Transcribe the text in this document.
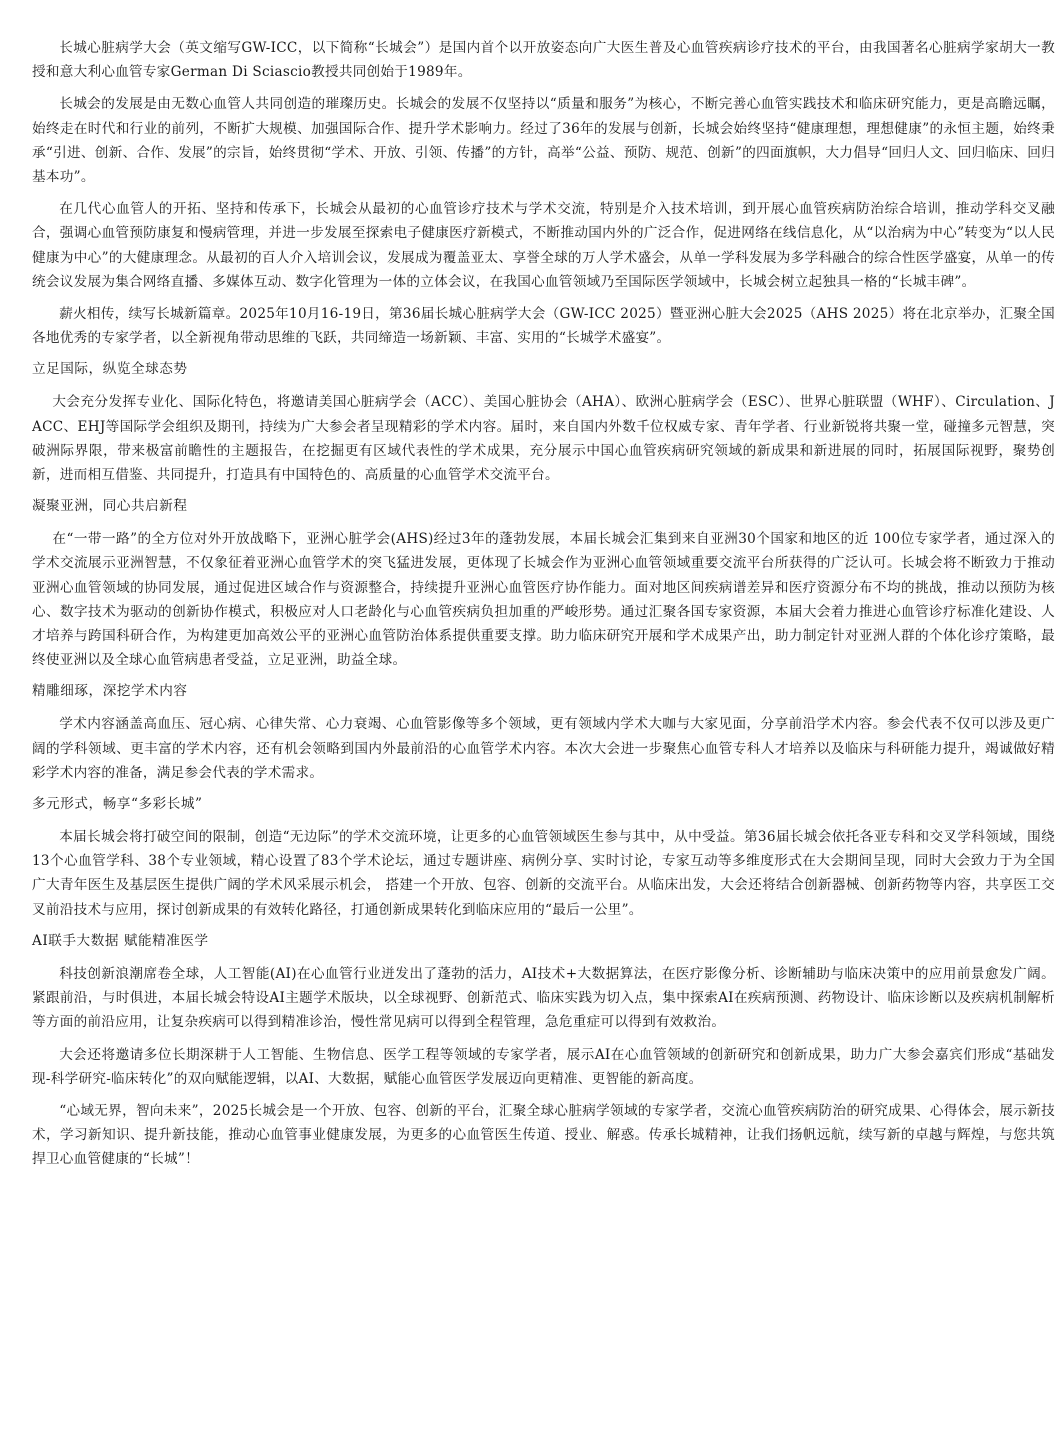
长城心脏病学大会（英文缩写GW-ICC，以下简称“长城会”）是国内首个以开放姿态向广大医生普及心血管疾病诊疗技术的平台，由我国著名心脏病学家胡大一教授和意大利心血管专家German Di Sciascio教授共同创始于1989年。

长城会的发展是由无数心血管人共同创造的璀璨历史。长城会的发展不仅坚持以“质量和服务”为核心，不断完善心血管实践技术和临床研究能力，更是高瞻远瞩，始终走在时代和行业的前列，不断扩大规模、加强国际合作、提升学术影响力。经过了36年的发展与创新，长城会始终坚持“健康理想，理想健康”的永恒主题，始终秉承“引进、创新、合作、发展”的宗旨，始终贯彻“学术、开放、引领、传播”的方针，高举“公益、预防、规范、创新”的四面旗帜，大力倡导“回归人文、回归临床、回归基本功”。

在几代心血管人的开拓、坚持和传承下，长城会从最初的心血管诊疗技术与学术交流，特别是介入技术培训，到开展心血管疾病防治综合培训，推动学科交叉融合，强调心血管预防康复和慢病管理，并进一步发展至探索电子健康医疗新模式，不断推动国内外的广泛合作，促进网络在线信息化，从“以治病为中心”转变为“以人民健康为中心”的大健康理念。从最初的百人介入培训会议，发展成为覆盖亚太、享誉全球的万人学术盛会，从单一学科发展为多学科融合的综合性医学盛宴，从单一的传统会议发展为集合网络直播、多媒体互动、数字化管理为一体的立体会议，在我国心血管领域乃至国际医学领域中，长城会树立起独具一格的“长城丰碑”。

薪火相传，续写长城新篇章。2025年10月16-19日，第36届长城心脏病学大会（GW-ICC 2025）暨亚洲心脏大会2025（AHS 2025）将在北京举办，汇聚全国各地优秀的专家学者，以全新视角带动思维的飞跃，共同缔造一场新颖、丰富、实用的“长城学术盛宴”。

立足国际，纵览全球态势

大会充分发挥专业化、国际化特色，将邀请美国心脏病学会（ACC）、美国心脏协会（AHA）、欧洲心脏病学会（ESC）、世界心脏联盟（WHF）、Circulation、JACC、EHJ等国际学会组织及期刊，持续为广大参会者呈现精彩的学术内容。届时，来自国内外数千位权威专家、青年学者、行业新锐将共聚一堂，碰撞多元智慧，突破洲际界限，带来极富前瞻性的主题报告，在挖掘更有区域代表性的学术成果，充分展示中国心血管疾病研究领域的新成果和新进展的同时，拓展国际视野，聚势创新，进而相互借鉴、共同提升，打造具有中国特色的、高质量的心血管学术交流平台。

凝聚亚洲，同心共启新程

在“一带一路”的全方位对外开放战略下，亚洲心脏学会(AHS)经过3年的蓬勃发展，本届长城会汇集到来自亚洲30个国家和地区的近 100位专家学者，通过深入的学术交流展示亚洲智慧，不仅象征着亚洲心血管学术的突飞猛进发展，更体现了长城会作为亚洲心血管领域重要交流平台所获得的广泛认可。长城会将不断致力于推动亚洲心血管领域的协同发展，通过促进区域合作与资源整合，持续提升亚洲心血管医疗协作能力。面对地区间疾病谱差异和医疗资源分布不均的挑战，推动以预防为核心、数字技术为驱动的创新协作模式，积极应对人口老龄化与心血管疾病负担加重的严峻形势。通过汇聚各国专家资源，本届大会着力推进心血管诊疗标准化建设、人才培养与跨国科研合作，为构建更加高效公平的亚洲心血管防治体系提供重要支撑。助力临床研究开展和学术成果产出，助力制定针对亚洲人群的个体化诊疗策略，最终使亚洲以及全球心血管病患者受益，立足亚洲，助益全球。

精雕细琢，深挖学术内容

学术内容涵盖高血压、冠心病、心律失常、心力衰竭、心血管影像等多个领域，更有领域内学术大咖与大家见面，分享前沿学术内容。参会代表不仅可以涉及更广阔的学科领域、更丰富的学术内容，还有机会领略到国内外最前沿的心血管学术内容。本次大会进一步聚焦心血管专科人才培养以及临床与科研能力提升，竭诚做好精彩学术内容的准备，满足参会代表的学术需求。

多元形式，畅享“多彩长城”

本届长城会将打破空间的限制，创造“无边际”的学术交流环境，让更多的心血管领域医生参与其中，从中受益。第36届长城会依托各亚专科和交叉学科领域，围绕13个心血管学科、38个专业领域，精心设置了83个学术论坛，通过专题讲座、病例分享、实时讨论，专家互动等多维度形式在大会期间呈现，同时大会致力于为全国广大青年医生及基层医生提供广阔的学术风采展示机会， 搭建一个开放、包容、创新的交流平台。从临床出发，大会还将结合创新器械、创新药物等内容，共享医工交叉前沿技术与应用，探讨创新成果的有效转化路径，打通创新成果转化到临床应用的“最后一公里”。

AI联手大数据 赋能精准医学

科技创新浪潮席卷全球，人工智能(AI)在心血管行业迸发出了蓬勃的活力，AI技术+大数据算法，在医疗影像分析、诊断辅助与临床决策中的应用前景愈发广阔。紧跟前沿，与时俱进，本届长城会特设AI主题学术版块，以全球视野、创新范式、临床实践为切入点，集中探索AI在疾病预测、药物设计、临床诊断以及疾病机制解析等方面的前沿应用，让复杂疾病可以得到精准诊治，慢性常见病可以得到全程管理，急危重症可以得到有效救治。

大会还将邀请多位长期深耕于人工智能、生物信息、医学工程等领域的专家学者，展示AI在心血管领域的创新研究和创新成果，助力广大参会嘉宾们形成“基础发现-科学研究-临床转化”的双向赋能逻辑，以AI、大数据，赋能心血管医学发展迈向更精准、更智能的新高度。

“心域无界，智向未来”，2025长城会是一个开放、包容、创新的平台，汇聚全球心脏病学领域的专家学者，交流心血管疾病防治的研究成果、心得体会，展示新技术，学习新知识、提升新技能，推动心血管事业健康发展，为更多的心血管医生传道、授业、解惑。传承长城精神，让我们扬帆远航，续写新的卓越与辉煌，与您共筑捍卫心血管健康的“长城”！
